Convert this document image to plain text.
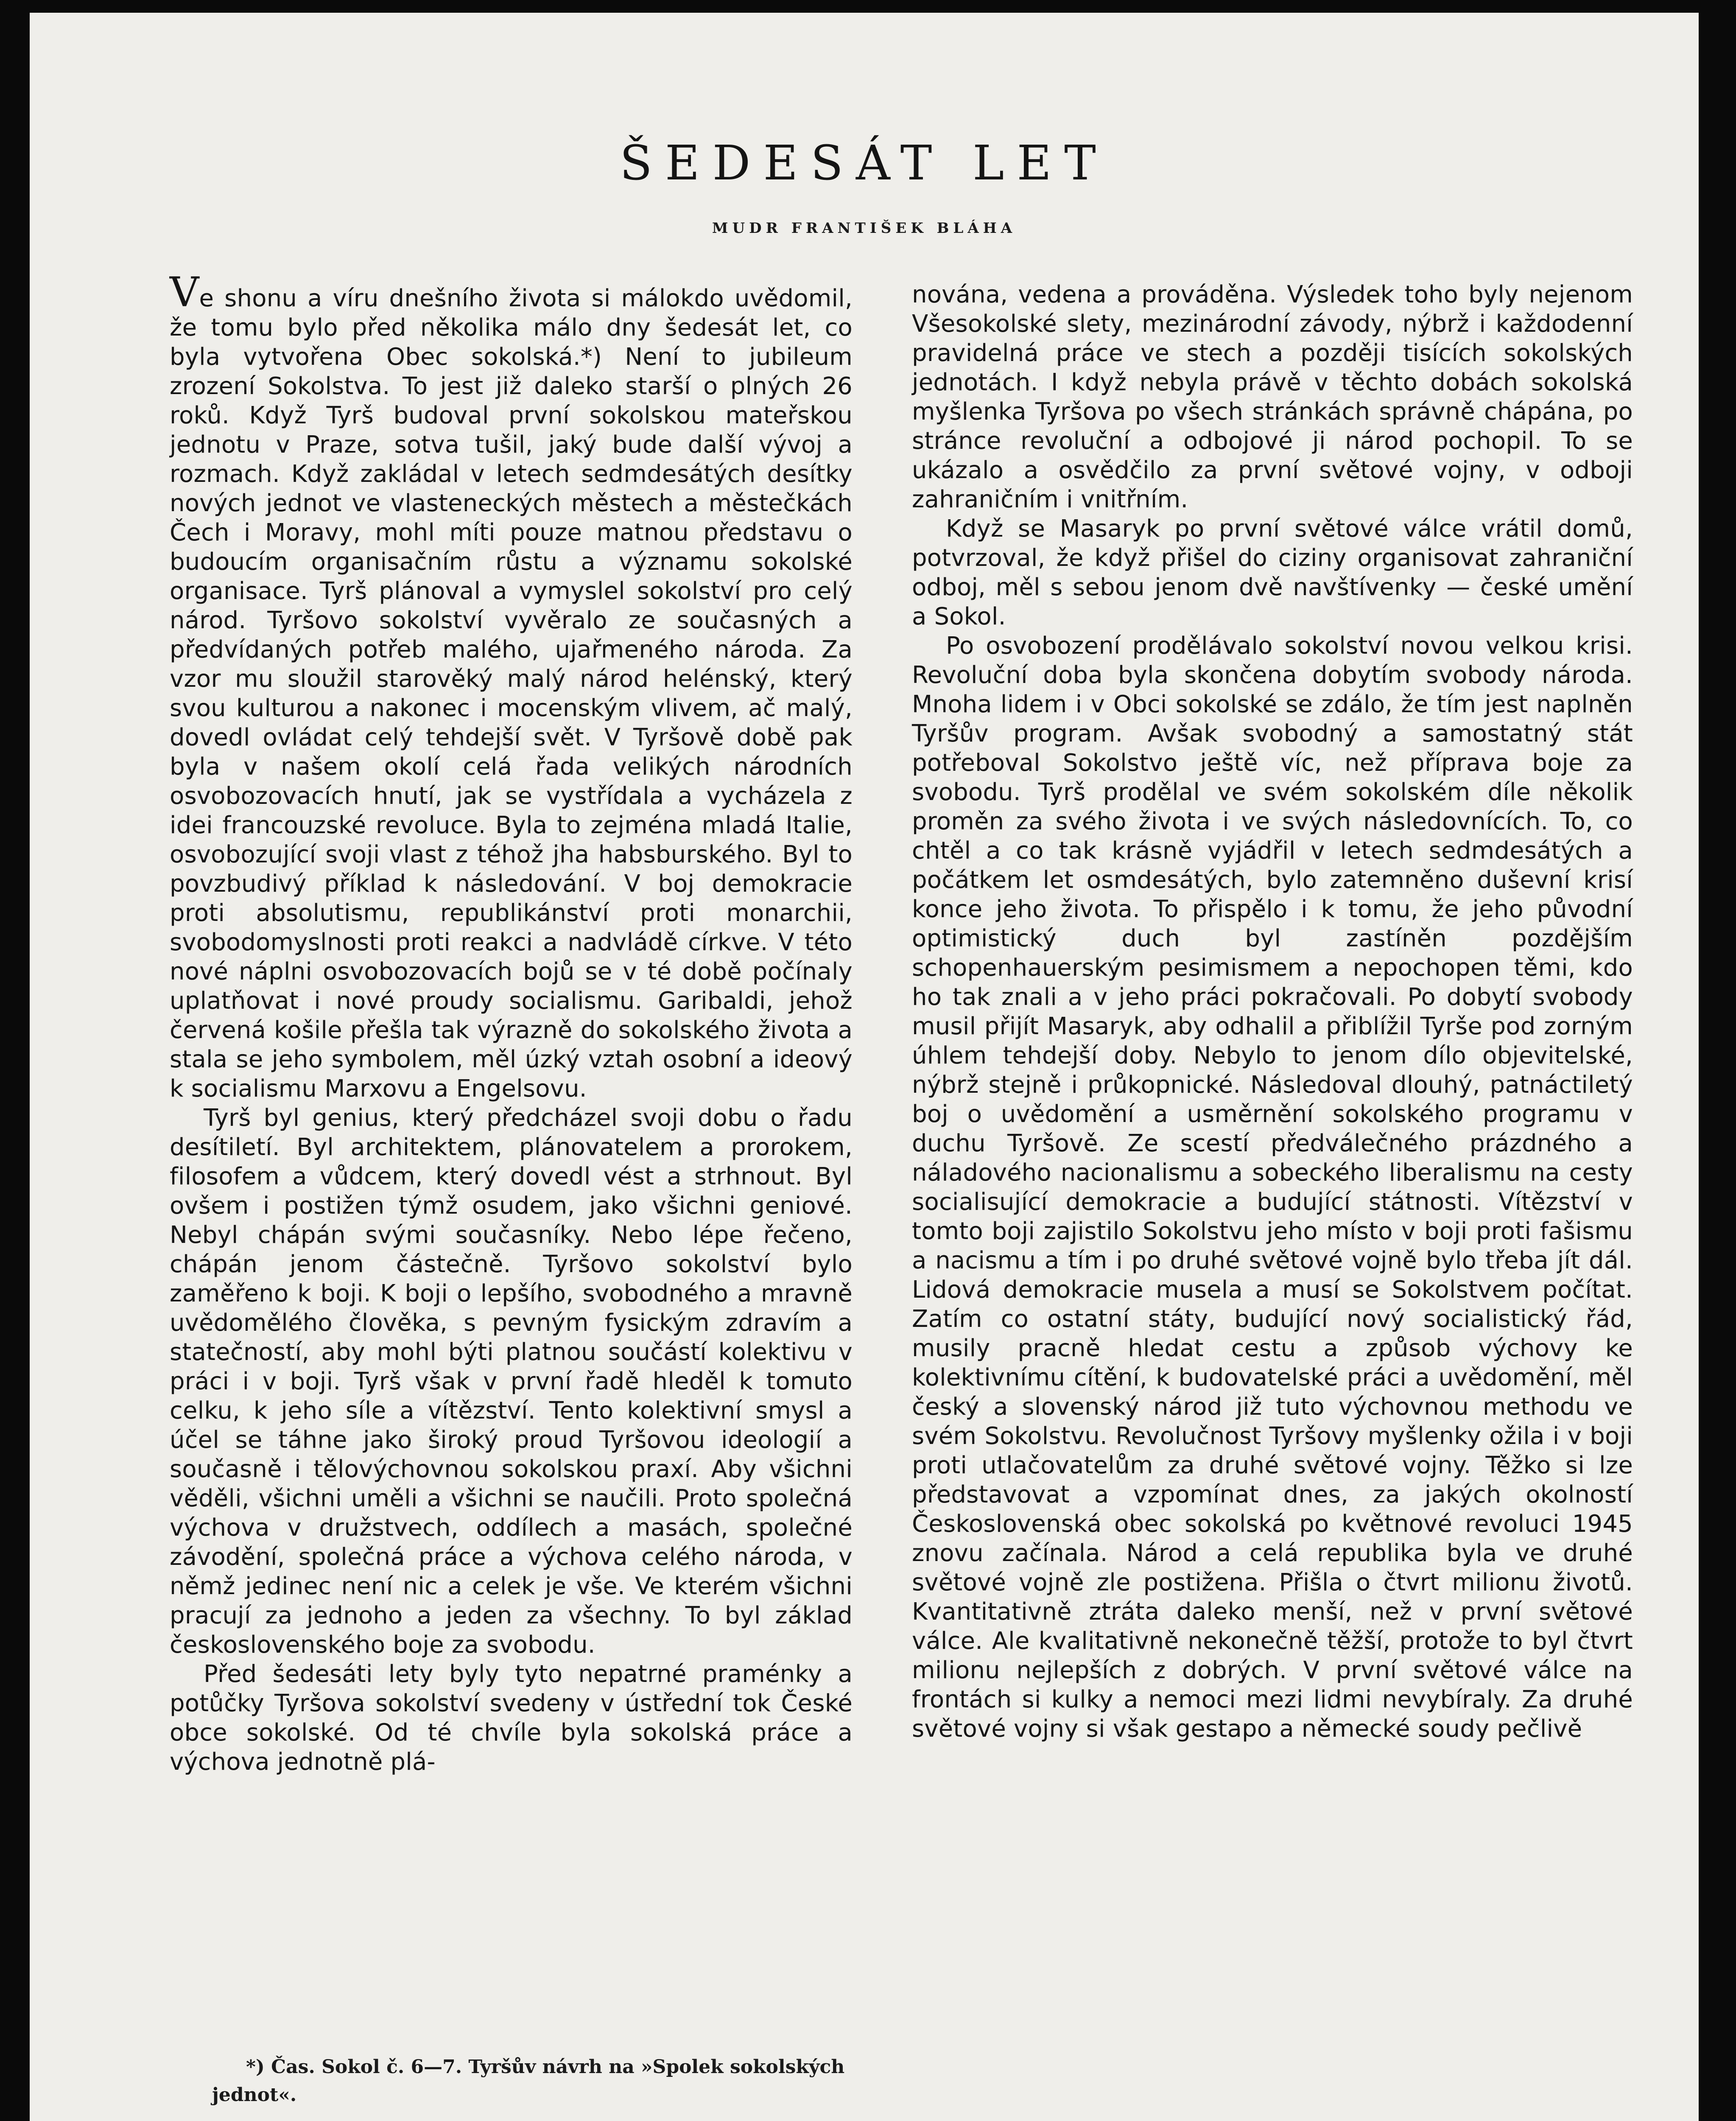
ŠEDESÁT LET
MUDR FRANTIŠEK BLÁHA

Ve shonu a víru dnešního života si málokdo uvědomil, že tomu bylo před několika málo dny šedesát let, co byla vytvořena Obec sokolská.*) Není to jubileum zrození Sokolstva. To jest již daleko starší o plných 26 roků. Když Tyrš budoval první sokolskou mateřskou jednotu v Praze, sotva tušil, jaký bude další vývoj a rozmach. Když zakládal v letech sedmdesátých desítky nových jednot ve vlasteneckých městech a městečkách Čech i Moravy, mohl míti pouze matnou představu o budoucím organisačním růstu a významu sokolské organisace. Tyrš plánoval a vymyslel sokolství pro celý národ. Tyršovo sokolství vyvěralo ze současných a předvídaných potřeb malého, ujařmeného národa. Za vzor mu sloužil starověký malý národ helénský, který svou kulturou a nakonec i mocenským vlivem, ač malý, dovedl ovládat celý tehdejší svět. V Tyršově době pak byla v našem okolí celá řada velikých národních osvobozovacích hnutí, jak se vystřídala a vycházela z idei francouzské revoluce. Byla to zejména mladá Italie, osvobozující svoji vlast z téhož jha habsburského. Byl to povzbudivý příklad k následování. V boj demokracie proti absolutismu, republikánství proti monarchii, svobodomyslnosti proti reakci a nadvládě církve. V této nové náplni osvobozovacích bojů se v té době počínaly uplatňovat i nové proudy socialismu. Garibaldi, jehož červená košile přešla tak výrazně do sokolského života a stala se jeho symbolem, měl úzký vztah osobní a ideový k socialismu Marxovu a Engelsovu.

Tyrš byl genius, který předcházel svoji dobu o řadu desítiletí. Byl architektem, plánovatelem a prorokem, filosofem a vůdcem, který dovedl vést a strhnout. Byl ovšem i postižen týmž osudem, jako všichni geniové. Nebyl chápán svými současníky. Nebo lépe řečeno, chápán jenom částečně. Tyršovo sokolství bylo zaměřeno k boji. K boji o lepšího, svobodného a mravně uvědomělého člověka, s pevným fysickým zdravím a statečností, aby mohl býti platnou součástí kolektivu v práci i v boji. Tyrš však v první řadě hleděl k tomuto celku, k jeho síle a vítězství. Tento kolektivní smysl a účel se táhne jako široký proud Tyršovou ideologií a současně i tělovýchovnou sokolskou praxí. Aby všichni věděli, všichni uměli a všichni se naučili. Proto společná výchova v družstvech, oddílech a masách, společné závodění, společná práce a výchova celého národa, v němž jedinec není nic a celek je vše. Ve kterém všichni pracují za jednoho a jeden za všechny. To byl základ československého boje za svobodu.

Před šedesáti lety byly tyto nepatrné praménky a potůčky Tyršova sokolství svedeny v ústřední tok České obce sokolské. Od té chvíle byla sokolská práce a výchova jednotně plá-

nována, vedena a prováděna. Výsledek toho byly nejenom Všesokolské slety, mezinárodní závody, nýbrž i každodenní pravidelná práce ve stech a později tisících sokolských jednotách. I když nebyla právě v těchto dobách sokolská myšlenka Tyršova po všech stránkách správně chápána, po stránce revoluční a odbojové ji národ pochopil. To se ukázalo a osvědčilo za první světové vojny, v odboji zahraničním i vnitřním.

Když se Masaryk po první světové válce vrátil domů, potvrzoval, že když přišel do ciziny organisovat zahraniční odboj, měl s sebou jenom dvě navštívenky — české umění a Sokol.

Po osvobození prodělávalo sokolství novou velkou krisi. Revoluční doba byla skončena dobytím svobody národa. Mnoha lidem i v Obci sokolské se zdálo, že tím jest naplněn Tyršův program. Avšak svobodný a samostatný stát potřeboval Sokolstvo ještě víc, než příprava boje za svobodu. Tyrš prodělal ve svém sokolském díle několik proměn za svého života i ve svých následovnících. To, co chtěl a co tak krásně vyjádřil v letech sedmdesátých a počátkem let osmdesátých, bylo zatemněno duševní krisí konce jeho života. To přispělo i k tomu, že jeho původní optimistický duch byl zastíněn pozdějším schopenhauerským pesimismem a nepochopen těmi, kdo ho tak znali a v jeho práci pokračovali. Po dobytí svobody musil přijít Masaryk, aby odhalil a přiblížil Tyrše pod zorným úhlem tehdejší doby. Nebylo to jenom dílo objevitelské, nýbrž stejně i průkopnické. Následoval dlouhý, patnáctiletý boj o uvědomění a usměrnění sokolského programu v duchu Tyršově. Ze scestí předválečného prázdného a náladového nacionalismu a sobeckého liberalismu na cesty socialisující demokracie a budující státnosti. Vítězství v tomto boji zajistilo Sokolstvu jeho místo v boji proti fašismu a nacismu a tím i po druhé světové vojně bylo třeba jít dál. Lidová demokracie musela a musí se Sokolstvem počítat. Zatím co ostatní státy, budující nový socialistický řád, musily pracně hledat cestu a způsob výchovy ke kolektivnímu cítění, k budovatelské práci a uvědomění, měl český a slovenský národ již tuto výchovnou methodu ve svém Sokolstvu. Revolučnost Tyršovy myšlenky ožila i v boji proti utlačovatelům za druhé světové vojny. Těžko si lze představovat a vzpomínat dnes, za jakých okolností Československá obec sokolská po květnové revoluci 1945 znovu začínala. Národ a celá republika byla ve druhé světové vojně zle postižena. Přišla o čtvrt milionu životů. Kvantitativně ztráta daleko menší, než v první světové válce. Ale kvalitativně nekonečně těžší, protože to byl čtvrt milionu nejlepších z dobrých. V první světové válce na frontách si kulky a nemoci mezi lidmi nevybíraly. Za druhé světové vojny si však gestapo a německé soudy pečlivě

*) Čas. Sokol č. 6—7. Tyršův návrh na »Spolek sokolských jednot«.
